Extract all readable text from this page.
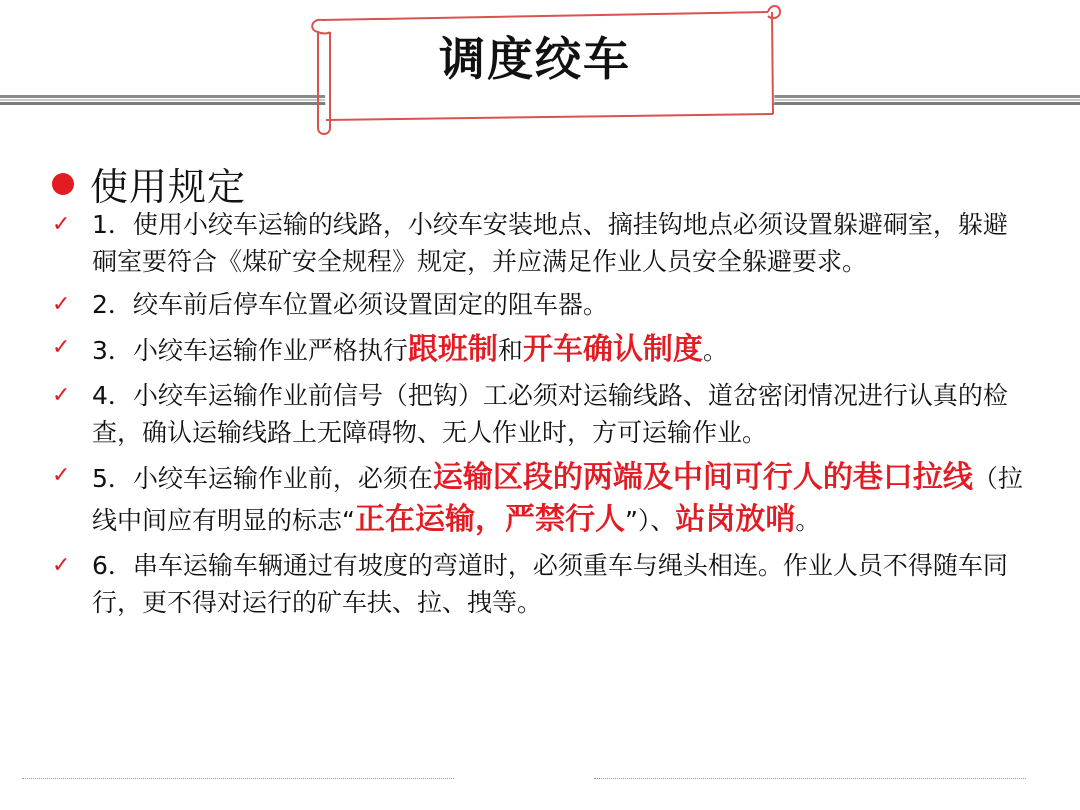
调度绞车
使用规定
✓ 1．使用小绞车运输的线路，小绞车安装地点、摘挂钩地点必须设置躲避硐室，躲避硐室要符合《煤矿安全规程》规定，并应满足作业人员安全躲避要求。
✓ 2．绞车前后停车位置必须设置固定的阻车器。
✓ 3．小绞车运输作业严格执行跟班制和开车确认制度。
✓ 4．小绞车运输作业前信号（把钩）工必须对运输线路、道岔密闭情况进行认真的检查，确认运输线路上无障碍物、无人作业时，方可运输作业。
✓ 5．小绞车运输作业前，必须在运输区段的两端及中间可行人的巷口拉线（拉线中间应有明显的标志“正在运输，严禁行人”）、站岗放哨。
✓ 6．串车运输车辆通过有坡度的弯道时，必须重车与绳头相连。作业人员不得随车同行，更不得对运行的矿车扶、拉、拽等。
